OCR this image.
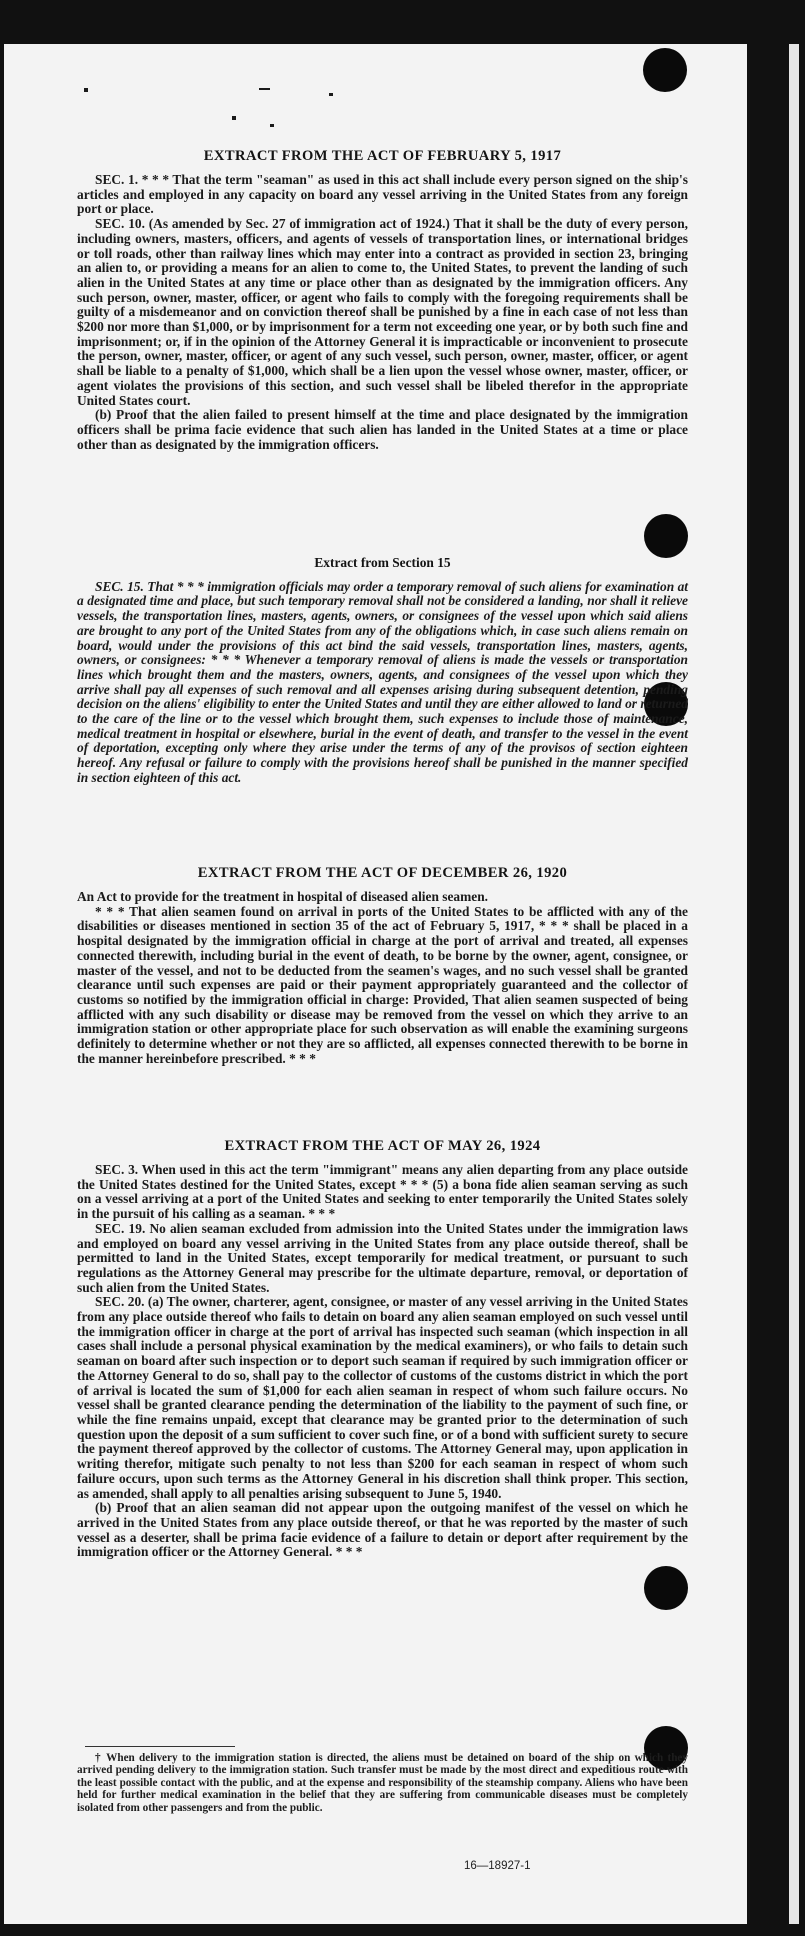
EXTRACT FROM THE ACT OF FEBRUARY 5, 1917

SEC. 1. * * * That the term "seaman" as used in this act shall include every person signed on the ship's articles and employed in any capacity on board any vessel arriving in the United States from any foreign port or place.

SEC. 10. (As amended by Sec. 27 of immigration act of 1924.) That it shall be the duty of every person, including owners, masters, officers, and agents of vessels of transportation lines, or international bridges or toll roads, other than railway lines which may enter into a contract as provided in section 23, bringing an alien to, or providing a means for an alien to come to, the United States, to prevent the landing of such alien in the United States at any time or place other than as designated by the immigration officers. Any such person, owner, master, officer, or agent who fails to comply with the foregoing requirements shall be guilty of a misdemeanor and on conviction thereof shall be punished by a fine in each case of not less than $200 nor more than $1,000, or by imprisonment for a term not exceeding one year, or by both such fine and imprisonment; or, if in the opinion of the Attorney General it is impracticable or inconvenient to prosecute the person, owner, master, officer, or agent of any such vessel, such person, owner, master, officer, or agent shall be liable to a penalty of $1,000, which shall be a lien upon the vessel whose owner, master, officer, or agent violates the provisions of this section, and such vessel shall be libeled therefor in the appropriate United States court.

(b) Proof that the alien failed to present himself at the time and place designated by the immigration officers shall be prima facie evidence that such alien has landed in the United States at a time or place other than as designated by the immigration officers.

Extract from Section 15

SEC. 15. That * * * immigration officials may order a temporary removal of such aliens for examination at a designated time and place, but such temporary removal shall not be considered a landing, nor shall it relieve vessels, the transportation lines, masters, agents, owners, or consignees of the vessel upon which said aliens are brought to any port of the United States from any of the obligations which, in case such aliens remain on board, would under the provisions of this act bind the said vessels, transportation lines, masters, agents, owners, or consignees: * * * Whenever a temporary removal of aliens is made the vessels or transportation lines which brought them and the masters, owners, agents, and consignees of the vessel upon which they arrive shall pay all expenses of such removal and all expenses arising during subsequent detention, pending decision on the aliens' eligibility to enter the United States and until they are either allowed to land or returned to the care of the line or to the vessel which brought them, such expenses to include those of maintenance, medical treatment in hospital or elsewhere, burial in the event of death, and transfer to the vessel in the event of deportation, excepting only where they arise under the terms of any of the provisos of section eighteen hereof. Any refusal or failure to comply with the provisions hereof shall be punished in the manner specified in section eighteen of this act.

EXTRACT FROM THE ACT OF DECEMBER 26, 1920

An Act to provide for the treatment in hospital of diseased alien seamen.

* * * That alien seamen found on arrival in ports of the United States to be afflicted with any of the disabilities or diseases mentioned in section 35 of the act of February 5, 1917, * * * shall be placed in a hospital designated by the immigration official in charge at the port of arrival and treated, all expenses connected therewith, including burial in the event of death, to be borne by the owner, agent, consignee, or master of the vessel, and not to be deducted from the seamen's wages, and no such vessel shall be granted clearance until such expenses are paid or their payment appropriately guaranteed and the collector of customs so notified by the immigration official in charge: Provided, That alien seamen suspected of being afflicted with any such disability or disease may be removed from the vessel on which they arrive to an immigration station or other appropriate place for such observation as will enable the examining surgeons definitely to determine whether or not they are so afflicted, all expenses connected therewith to be borne in the manner hereinbefore prescribed. * * *

EXTRACT FROM THE ACT OF MAY 26, 1924

SEC. 3. When used in this act the term "immigrant" means any alien departing from any place outside the United States destined for the United States, except * * * (5) a bona fide alien seaman serving as such on a vessel arriving at a port of the United States and seeking to enter temporarily the United States solely in the pursuit of his calling as a seaman. * * *

SEC. 19. No alien seaman excluded from admission into the United States under the immigration laws and employed on board any vessel arriving in the United States from any place outside thereof, shall be permitted to land in the United States, except temporarily for medical treatment, or pursuant to such regulations as the Attorney General may prescribe for the ultimate departure, removal, or deportation of such alien from the United States.

SEC. 20. (a) The owner, charterer, agent, consignee, or master of any vessel arriving in the United States from any place outside thereof who fails to detain on board any alien seaman employed on such vessel until the immigration officer in charge at the port of arrival has inspected such seaman (which inspection in all cases shall include a personal physical examination by the medical examiners), or who fails to detain such seaman on board after such inspection or to deport such seaman if required by such immigration officer or the Attorney General to do so, shall pay to the collector of customs of the customs district in which the port of arrival is located the sum of $1,000 for each alien seaman in respect of whom such failure occurs. No vessel shall be granted clearance pending the determination of the liability to the payment of such fine, or while the fine remains unpaid, except that clearance may be granted prior to the determination of such question upon the deposit of a sum sufficient to cover such fine, or of a bond with sufficient surety to secure the payment thereof approved by the collector of customs. The Attorney General may, upon application in writing therefor, mitigate such penalty to not less than $200 for each seaman in respect of whom such failure occurs, upon such terms as the Attorney General in his discretion shall think proper. This section, as amended, shall apply to all penalties arising subsequent to June 5, 1940.

(b) Proof that an alien seaman did not appear upon the outgoing manifest of the vessel on which he arrived in the United States from any place outside thereof, or that he was reported by the master of such vessel as a deserter, shall be prima facie evidence of a failure to detain or deport after requirement by the immigration officer or the Attorney General. * * *

† When delivery to the immigration station is directed, the aliens must be detained on board of the ship on which they arrived pending delivery to the immigration station. Such transfer must be made by the most direct and expeditious route with the least possible contact with the public, and at the expense and responsibility of the steamship company. Aliens who have been held for further medical examination in the belief that they are suffering from communicable diseases must be completely isolated from other passengers and from the public.

16—18927-1
